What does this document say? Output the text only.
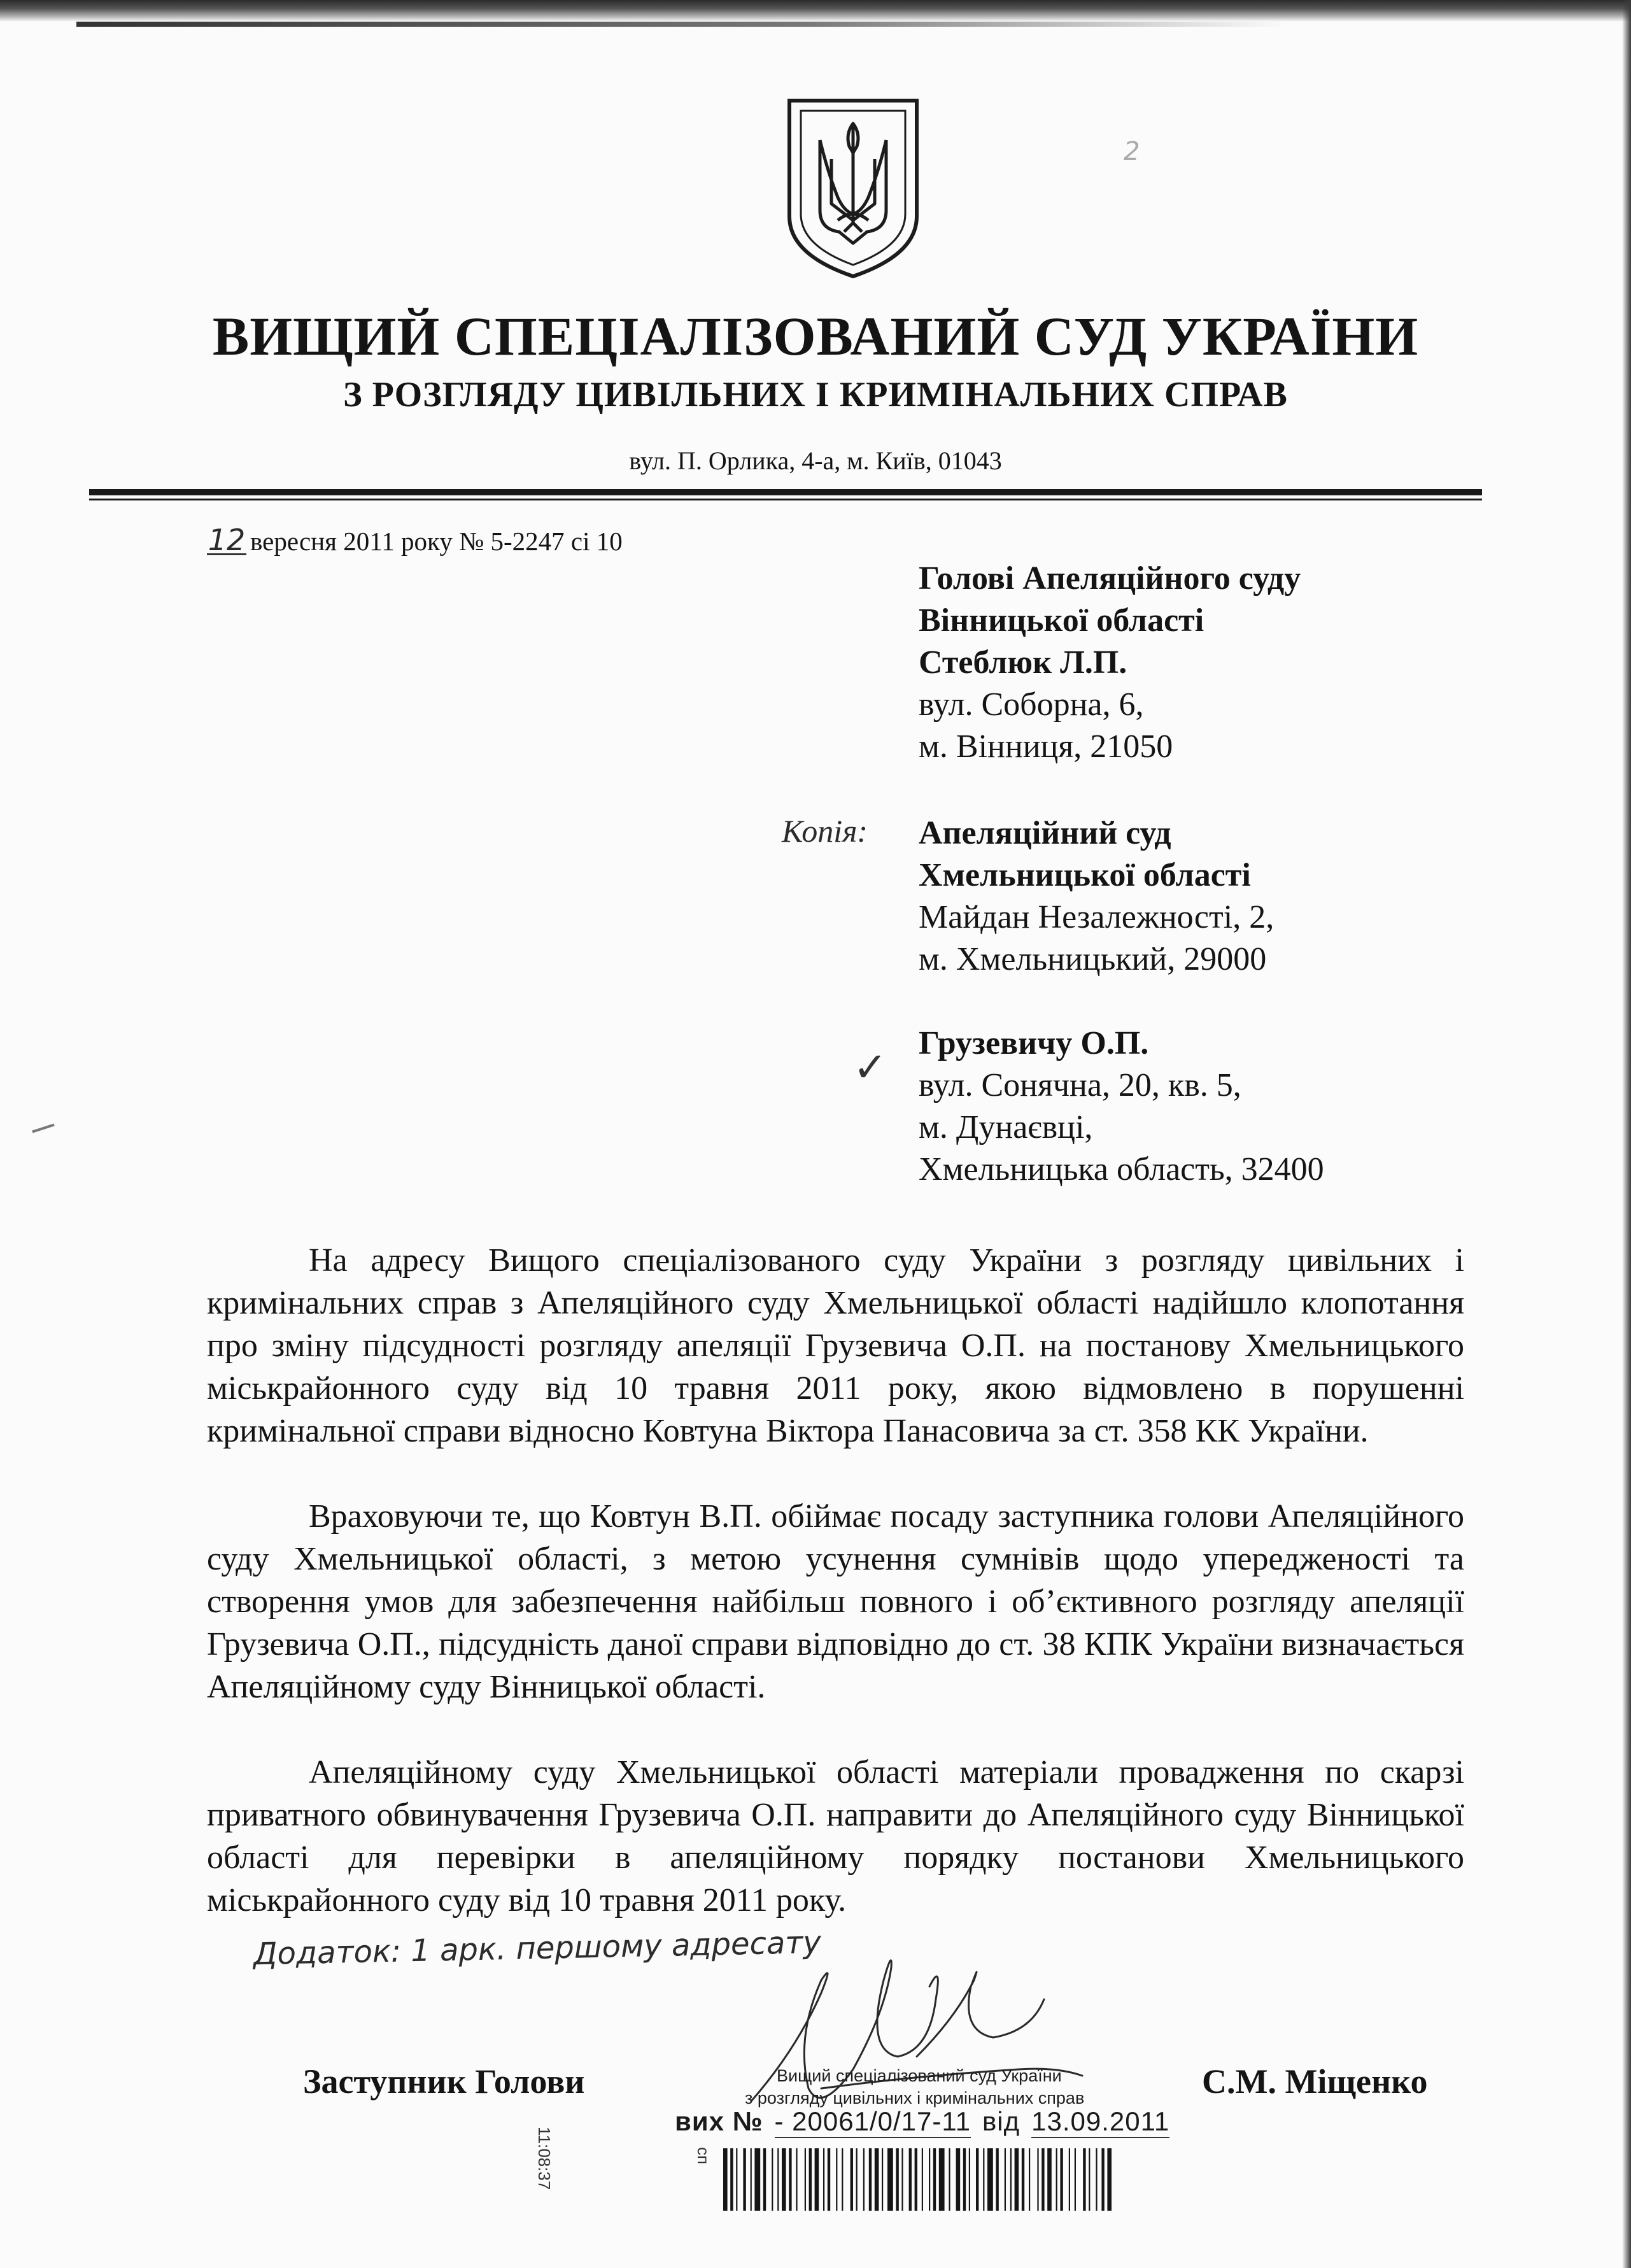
2
ВИЩИЙ СПЕЦІАЛІЗОВАНИЙ СУД УКРАЇНИ
З РОЗГЛЯДУ ЦИВІЛЬНИХ І КРИМІНАЛЬНИХ СПРАВ
вул. П. Орлика, 4-а, м. Київ, 01043
12 вересня 2011 року № 5-2247 сі 10
Голові Апеляційного суду
Вінницької області
Стеблюк Л.П.
вул. Соборна, 6,
м. Вінниця, 21050
Копія: Апеляційний суд
Хмельницької області
Майдан Незалежності, 2,
м. Хмельницький, 29000
✓
Грузевичу О.П.
вул. Сонячна, 20, кв. 5,
м. Дунаєвці,
Хмельницька область, 32400
На адресу Вищого спеціалізованого суду України з розгляду цивільних і кримінальних справ з Апеляційного суду Хмельницької області надійшло клопотання про зміну підсудності розгляду апеляції Грузевича О.П. на постанову Хмельницького міськрайонного суду від 10 травня 2011 року, якою відмовлено в порушенні кримінальної справи відносно Ковтуна Віктора Панасовича за ст. 358 КК України.
Враховуючи те, що Ковтун В.П. обіймає посаду заступника голови Апеляційного суду Хмельницької області, з метою усунення сумнівів щодо упередженості та створення умов для забезпечення найбільш повного і об’єктивного розгляду апеляції Грузевича О.П., підсудність даної справи відповідно до ст. 38 КПК України визначається Апеляційному суду Вінницької області.
Апеляційному суду Хмельницької області матеріали провадження по скарзі приватного обвинувачення Грузевича О.П. направити до Апеляційного суду Вінницької області для перевірки в апеляційному порядку постанови Хмельницького міськрайонного суду від 10 травня 2011 року.
Додаток: 1 арк. першому адресату
Заступник Голови	С.М. Міщенко
Вищий спеціалізований суд України
з розгляду цивільних і кримінальних справ
вих № - 20061/0/17-11 від 13.09.2011
сп
11:08:37
